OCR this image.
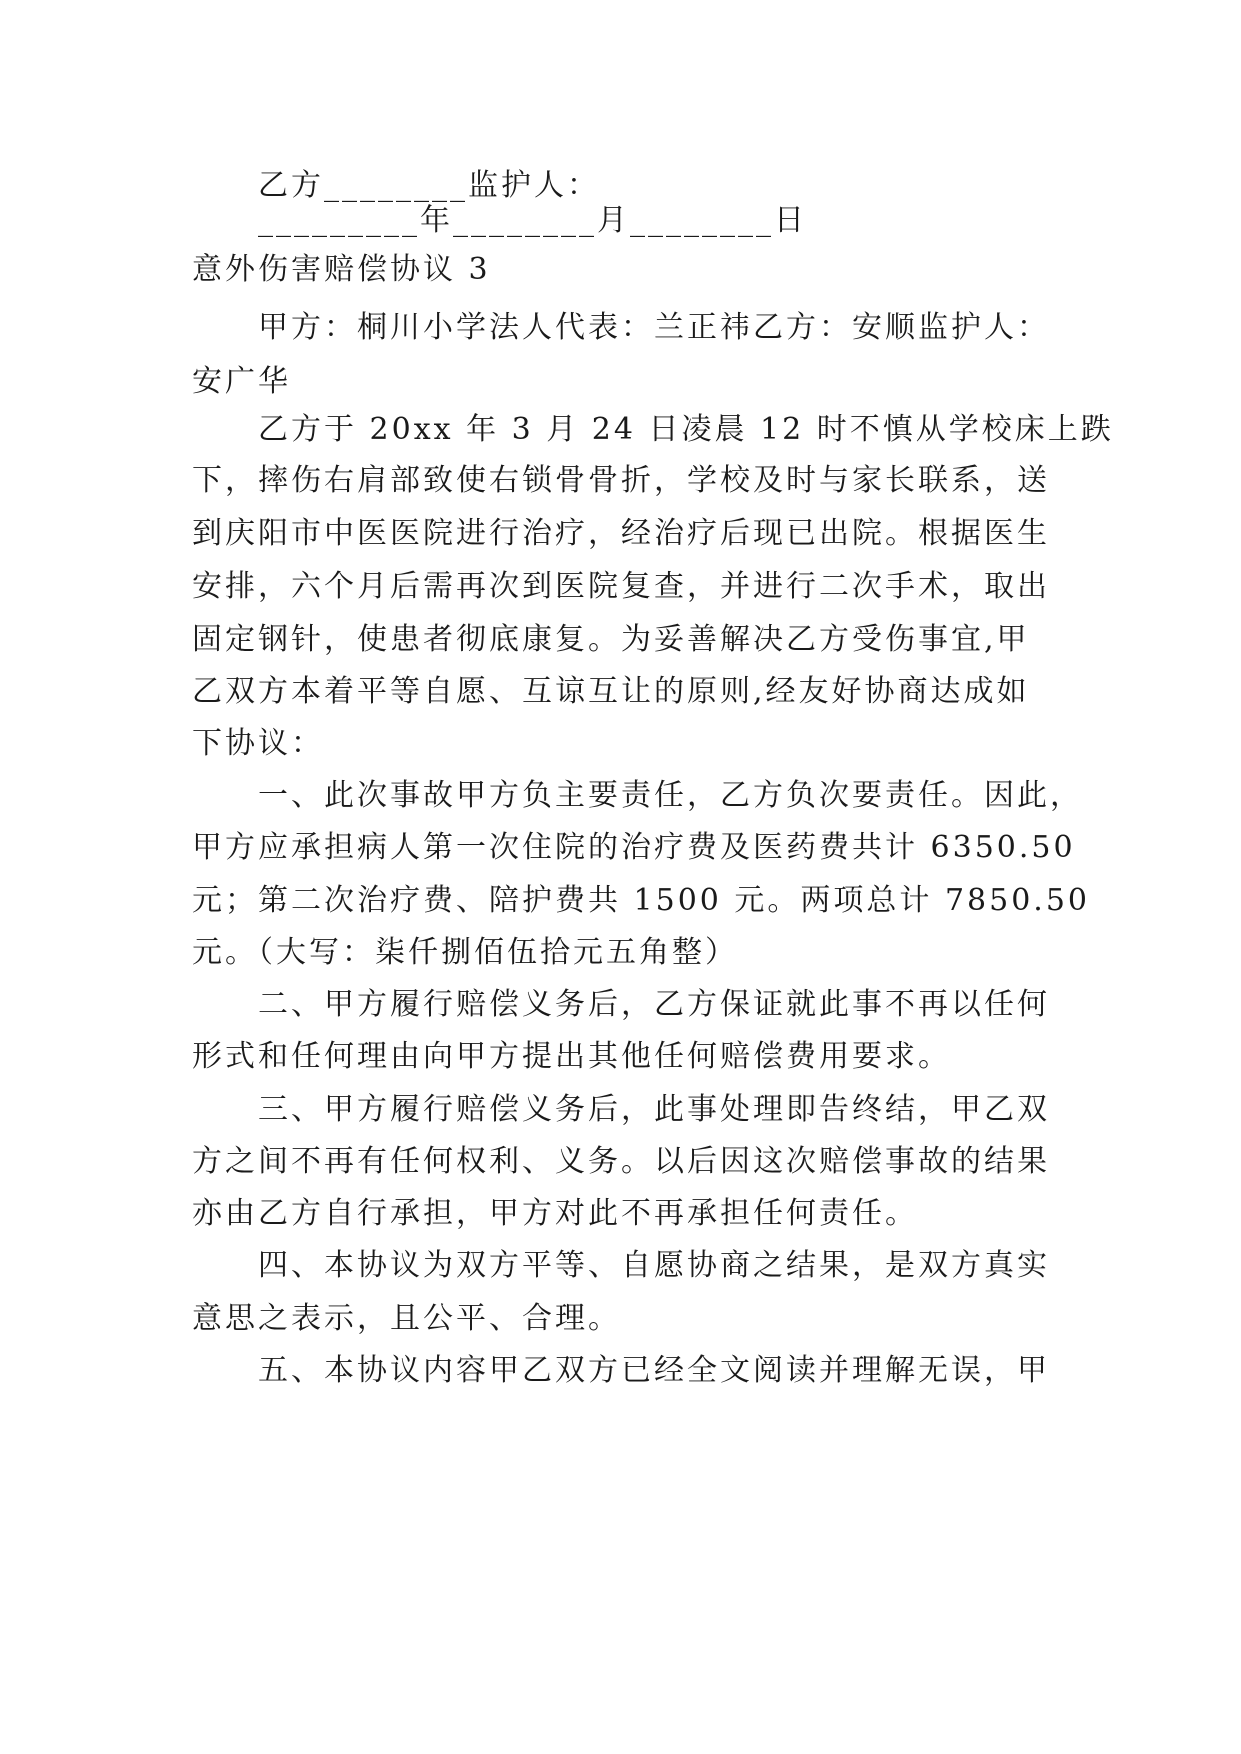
乙方________监护人：
_________年________月________日
意外伤害赔偿协议 3
甲方：桐川小学法人代表：兰正祎乙方：安顺监护人：
安广华
乙方于 20xx 年 3 月 24 日凌晨 12 时不慎从学校床上跌
下，摔伤右肩部致使右锁骨骨折，学校及时与家长联系，送
到庆阳市中医医院进行治疗，经治疗后现已出院。根据医生
安排，六个月后需再次到医院复查，并进行二次手术，取出
固定钢针，使患者彻底康复。为妥善解决乙方受伤事宜,甲
乙双方本着平等自愿、互谅互让的原则,经友好协商达成如
下协议：
一、此次事故甲方负主要责任，乙方负次要责任。因此，
甲方应承担病人第一次住院的治疗费及医药费共计 6350.50
元；第二次治疗费、陪护费共 1500 元。两项总计 7850.50
元。（大写：柒仟捌佰伍拾元五角整）
二、甲方履行赔偿义务后，乙方保证就此事不再以任何
形式和任何理由向甲方提出其他任何赔偿费用要求。
三、甲方履行赔偿义务后，此事处理即告终结，甲乙双
方之间不再有任何权利、义务。以后因这次赔偿事故的结果
亦由乙方自行承担，甲方对此不再承担任何责任。
四、本协议为双方平等、自愿协商之结果，是双方真实
意思之表示，且公平、合理。
五、本协议内容甲乙双方已经全文阅读并理解无误，甲
